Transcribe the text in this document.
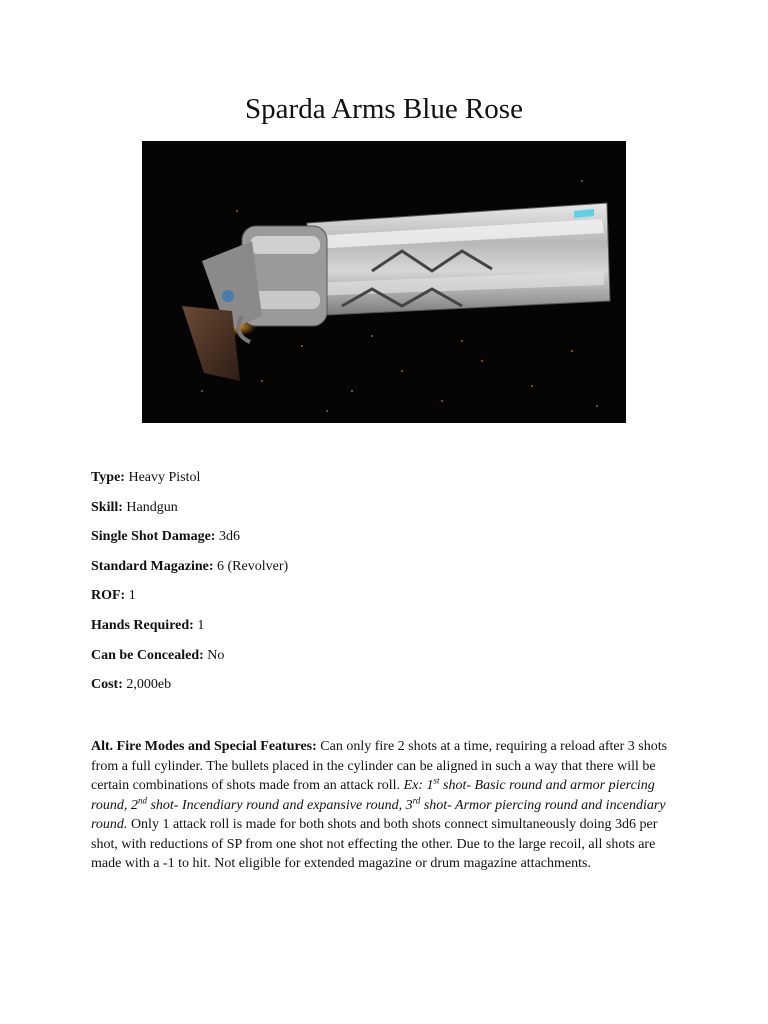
Sparda Arms Blue Rose
Type: Heavy Pistol
Skill: Handgun
Single Shot Damage: 3d6
Standard Magazine: 6 (Revolver)
ROF: 1
Hands Required: 1
Can be Concealed: No
Cost: 2,000eb

Alt. Fire Modes and Special Features: Can only fire 2 shots at a time, requiring a reload after 3 shots from a full cylinder. The bullets placed in the cylinder can be aligned in such a way that there will be certain combinations of shots made from an attack roll. Ex: 1st shot- Basic round and armor piercing round, 2nd shot- Incendiary round and expansive round, 3rd shot- Armor piercing round and incendiary round. Only 1 attack roll is made for both shots and both shots connect simultaneously doing 3d6 per shot, with reductions of SP from one shot not effecting the other. Due to the large recoil, all shots are made with a -1 to hit. Not eligible for extended magazine or drum magazine attachments.
